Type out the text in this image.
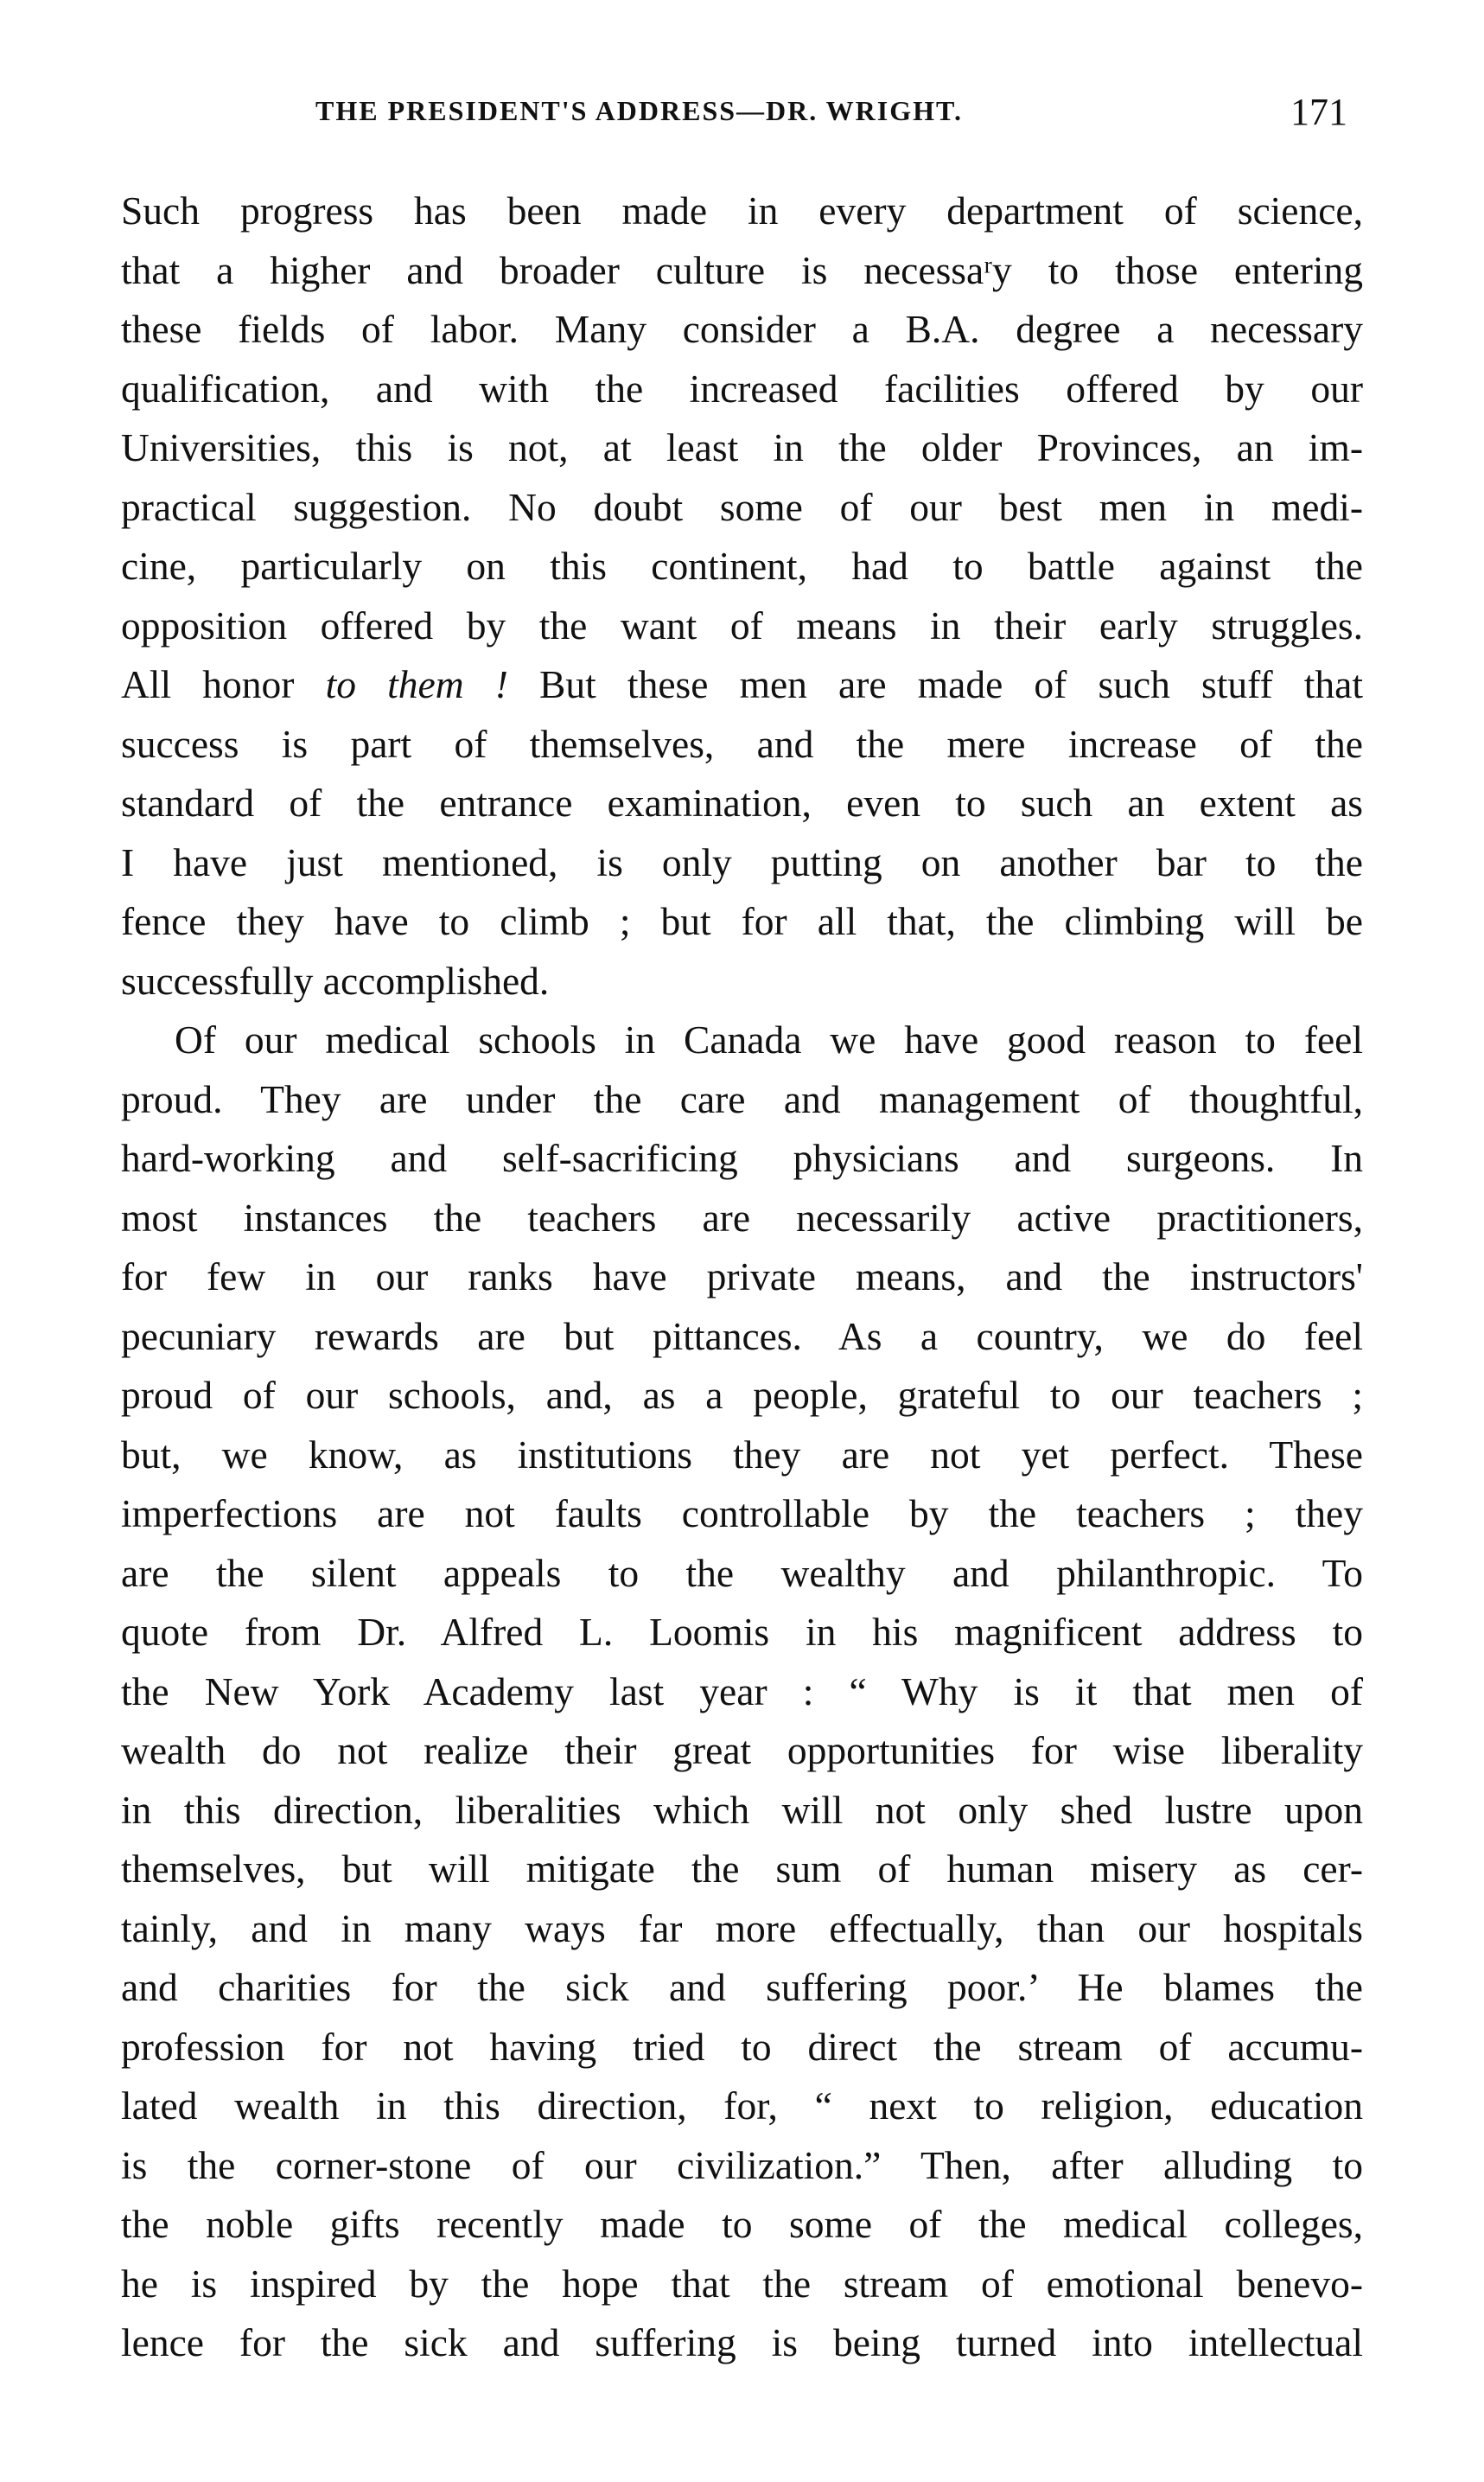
THE PRESIDENT'S ADDRESS—DR. WRIGHT.	171
Such progress has been made in every department of science,
that a higher and broader culture is necessaʳy to those entering
these fields of labor. Many consider a B.A. degree a necessary
qualification, and with the increased facilities offered by our
Universities, this is not, at least in the older Provinces, an im-
practical suggestion. No doubt some of our best men in medi-
cine, particularly on this continent, had to battle against the
opposition offered by the want of means in their early struggles.
All honor to them ! But these men are made of such stuff that
success is part of themselves, and the mere increase of the
standard of the entrance examination, even to such an extent as
I have just mentioned, is only putting on another bar to the
fence they have to climb ; but for all that, the climbing will be
successfully accomplished.
Of our medical schools in Canada we have good reason to feel
proud. They are under the care and management of thoughtful,
hard-working and self-sacrificing physicians and surgeons. In
most instances the teachers are necessarily active practitioners,
for few in our ranks have private means, and the instructors'
pecuniary rewards are but pittances. As a country, we do feel
proud of our schools, and, as a people, grateful to our teachers ;
but, we know, as institutions they are not yet perfect. These
imperfections are not faults controllable by the teachers ; they
are the silent appeals to the wealthy and philanthropic. To
quote from Dr. Alfred L. Loomis in his magnificent address to
the New York Academy last year : “ Why is it that men of
wealth do not realize their great opportunities for wise liberality
in this direction, liberalities which will not only shed lustre upon
themselves, but will mitigate the sum of human misery as cer-
tainly, and in many ways far more effectually, than our hospitals
and charities for the sick and suffering poor.’ He blames the
profession for not having tried to direct the stream of accumu-
lated wealth in this direction, for, “ next to religion, education
is the corner-stone of our civilization.” Then, after alluding to
the noble gifts recently made to some of the medical colleges,
he is inspired by the hope that the stream of emotional benevo-
lence for the sick and suffering is being turned into intellectual
